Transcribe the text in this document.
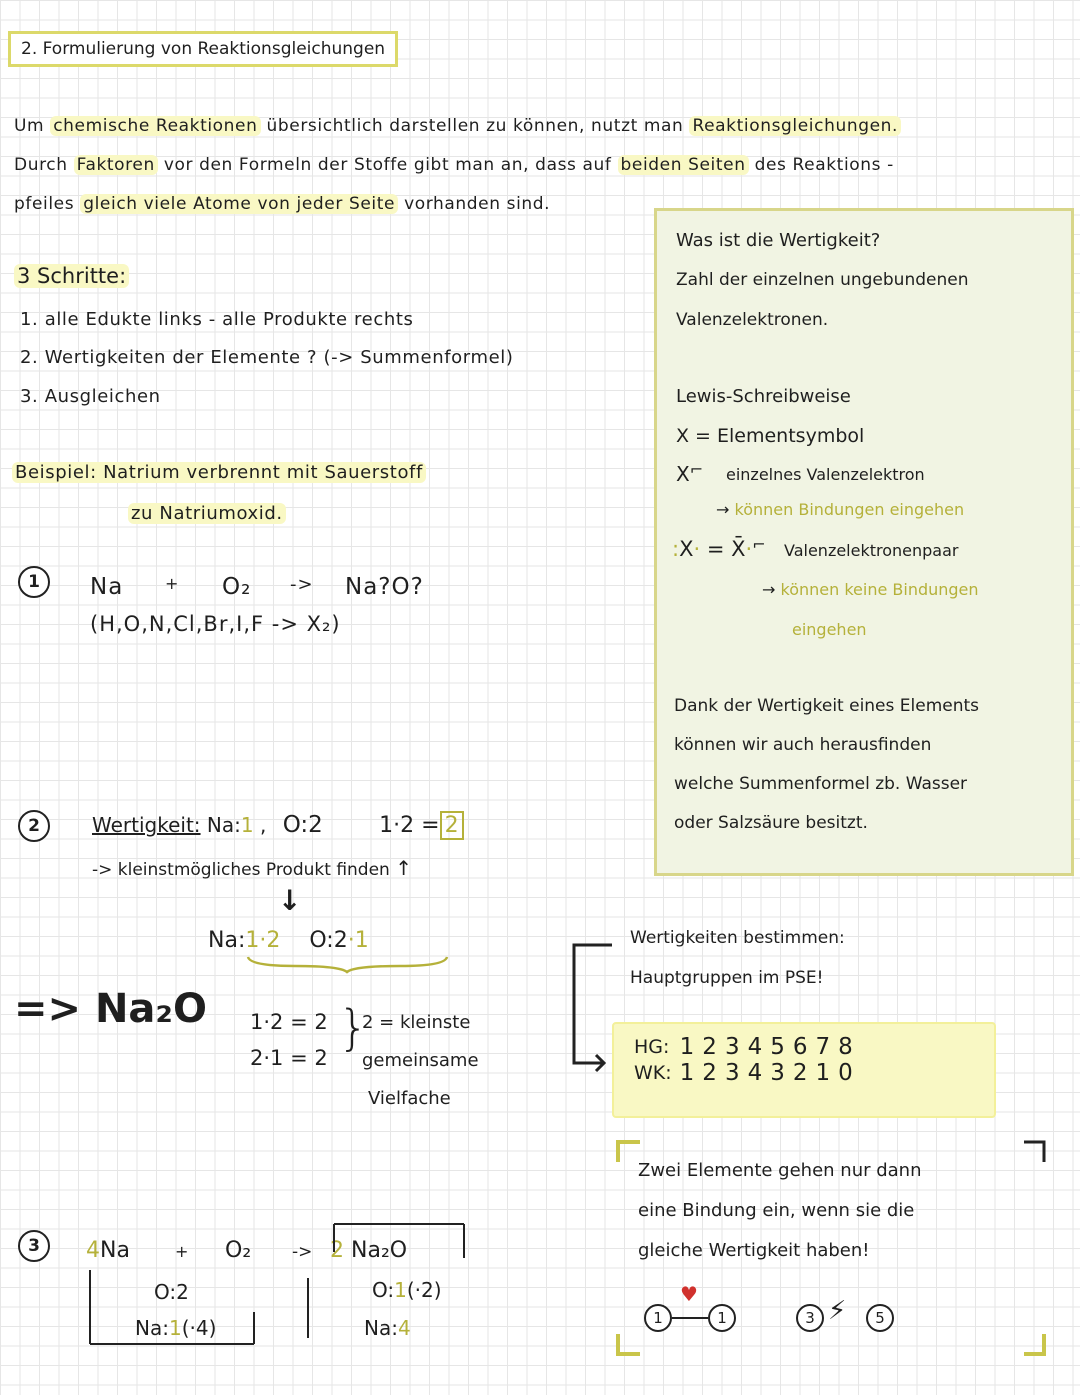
2. Formulierung von Reaktionsgleichungen
Um chemische Reaktionen übersichtlich darstellen zu können, nutzt man Reaktionsgleichungen.
Durch Faktoren vor den Formeln der Stoffe gibt man an, dass auf beiden Seiten des Reaktions -
pfeiles gleich viele Atome von jeder Seite vorhanden sind.
3 Schritte:
1. alle Edukte links - alle Produkte rechts
2. Wertigkeiten der Elemente ? (-> Summenformel)
3. Ausgleichen
Beispiel: Natrium verbrennt mit Sauerstoff
zu Natriumoxid.
1	Na	+ O₂ -> Na?O?
(H,O,N,Cl,Br,I,F -> X₂)
2	Wertigkeit: Na:1 , O:2	1·2 = 2
-> kleinstmögliches Produkt finden ↑
↓
Na:1·2 O:2·1
=> Na₂O 1·2 = 2
2·1 = 2
}
2 = kleinste
gemeinsame
Vielfache
3	4Na	+ O₂ -> 2 Na₂O
O:2
Na:1(·4)
O:1(·2)
Na:4
Was ist die Wertigkeit?
Zahl der einzelnen ungebundenen
Valenzelektronen.
Lewis-Schreibweise
X = Elementsymbol
X⌐ einzelnes Valenzelektron
→ können Bindungen eingehen
:X· = X̄·⌐ Valenzelektronenpaar
→ können keine Bindungen
eingehen
Dank der Wertigkeit eines Elements
können wir auch herausfinden
welche Summenformel zb. Wasser
oder Salzsäure besitzt.
Wertigkeiten bestimmen:
Hauptgruppen im PSE!
HG:	1	2	3	4	5	6	7	8
WK:	1	2	3	4	3	2	1	0
Zwei Elemente gehen nur dann
eine Bindung ein, wenn sie die
gleiche Wertigkeit haben!
1	1
♥
3 ⚡	5
